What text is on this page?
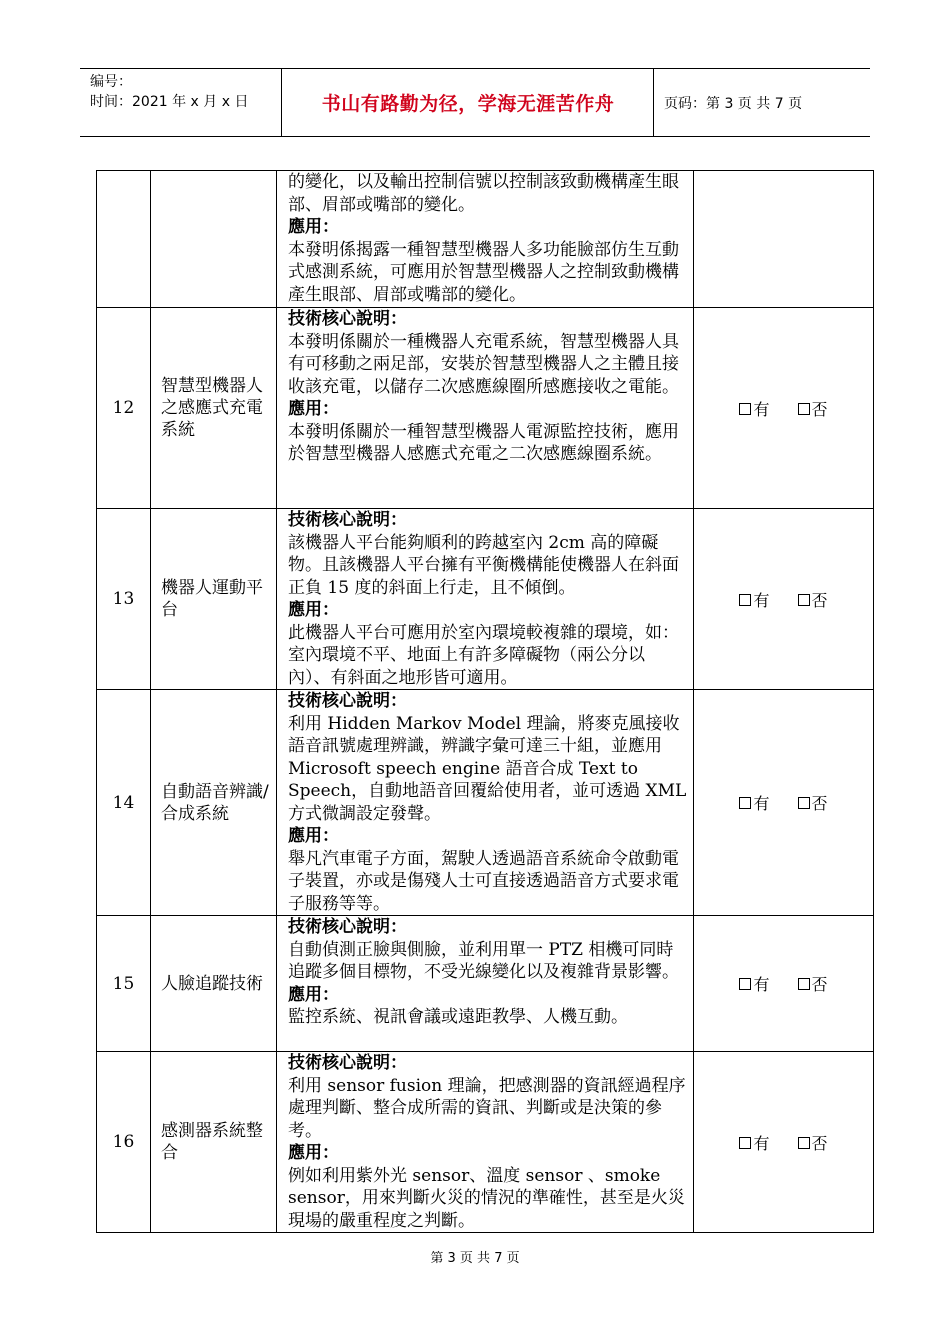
编号：
时间：2021 年 x 月 x 日	书山有路勤为径，学海无涯苦作舟	页码：第 3 页 共 7 页

		的變化，以及輸出控制信號以控制該致動機構產生眼部、眉部或嘴部的變化。
應用：
本發明係揭露一種智慧型機器人多功能臉部仿生互動式感測系統，可應用於智慧型機器人之控制致動機構產生眼部、眉部或嘴部的變化。	

12	智慧型機器人之感應式充電系統	技術核心說明：
本發明係關於一種機器人充電系統，智慧型機器人具有可移動之兩足部，安裝於智慧型機器人之主體且接收該充電，以儲存二次感應線圈所感應接收之電能。
應用：
本發明係關於一種智慧型機器人電源監控技術，應用於智慧型機器人感應式充電之二次感應線圈系統。	有 否
13	機器人運動平台	技術核心說明：
該機器人平台能夠順利的跨越室內 2cm 高的障礙物。且該機器人平台擁有平衡機構能使機器人在斜面正負 15 度的斜面上行走，且不傾倒。
應用：
此機器人平台可應用於室內環境較複雜的環境，如：室內環境不平、地面上有許多障礙物（兩公分以內）、有斜面之地形皆可適用。	有 否
14	自動語音辨識/合成系統	技術核心說明：
利用 Hidden Markov Model 理論，將麥克風接收語音訊號處理辨識，辨識字彙可達三十組，並應用 Microsoft speech engine 語音合成 Text to Speech，自動地語音回覆給使用者，並可透過 XML 方式微調設定發聲。
應用：
舉凡汽車電子方面，駕駛人透過語音系統命令啟動電子裝置，亦或是傷殘人士可直接透過語音方式要求電子服務等等。	有 否
15	人臉追蹤技術	技術核心說明：
自動偵測正臉與側臉，並利用單一 PTZ 相機可同時追蹤多個目標物，不受光線變化以及複雜背景影響。
應用：
監控系統、視訊會議或遠距教學、人機互動。	有 否
16	感測器系統整合	技術核心說明：
利用 sensor fusion 理論，把感測器的資訊經過程序處理判斷、整合成所需的資訊、判斷或是決策的參考。
應用：
例如利用紫外光 sensor、溫度 sensor 、smoke sensor，用來判斷火災的情況的準確性，甚至是火災現場的嚴重程度之判斷。	有 否
第 3 页 共 7 页
